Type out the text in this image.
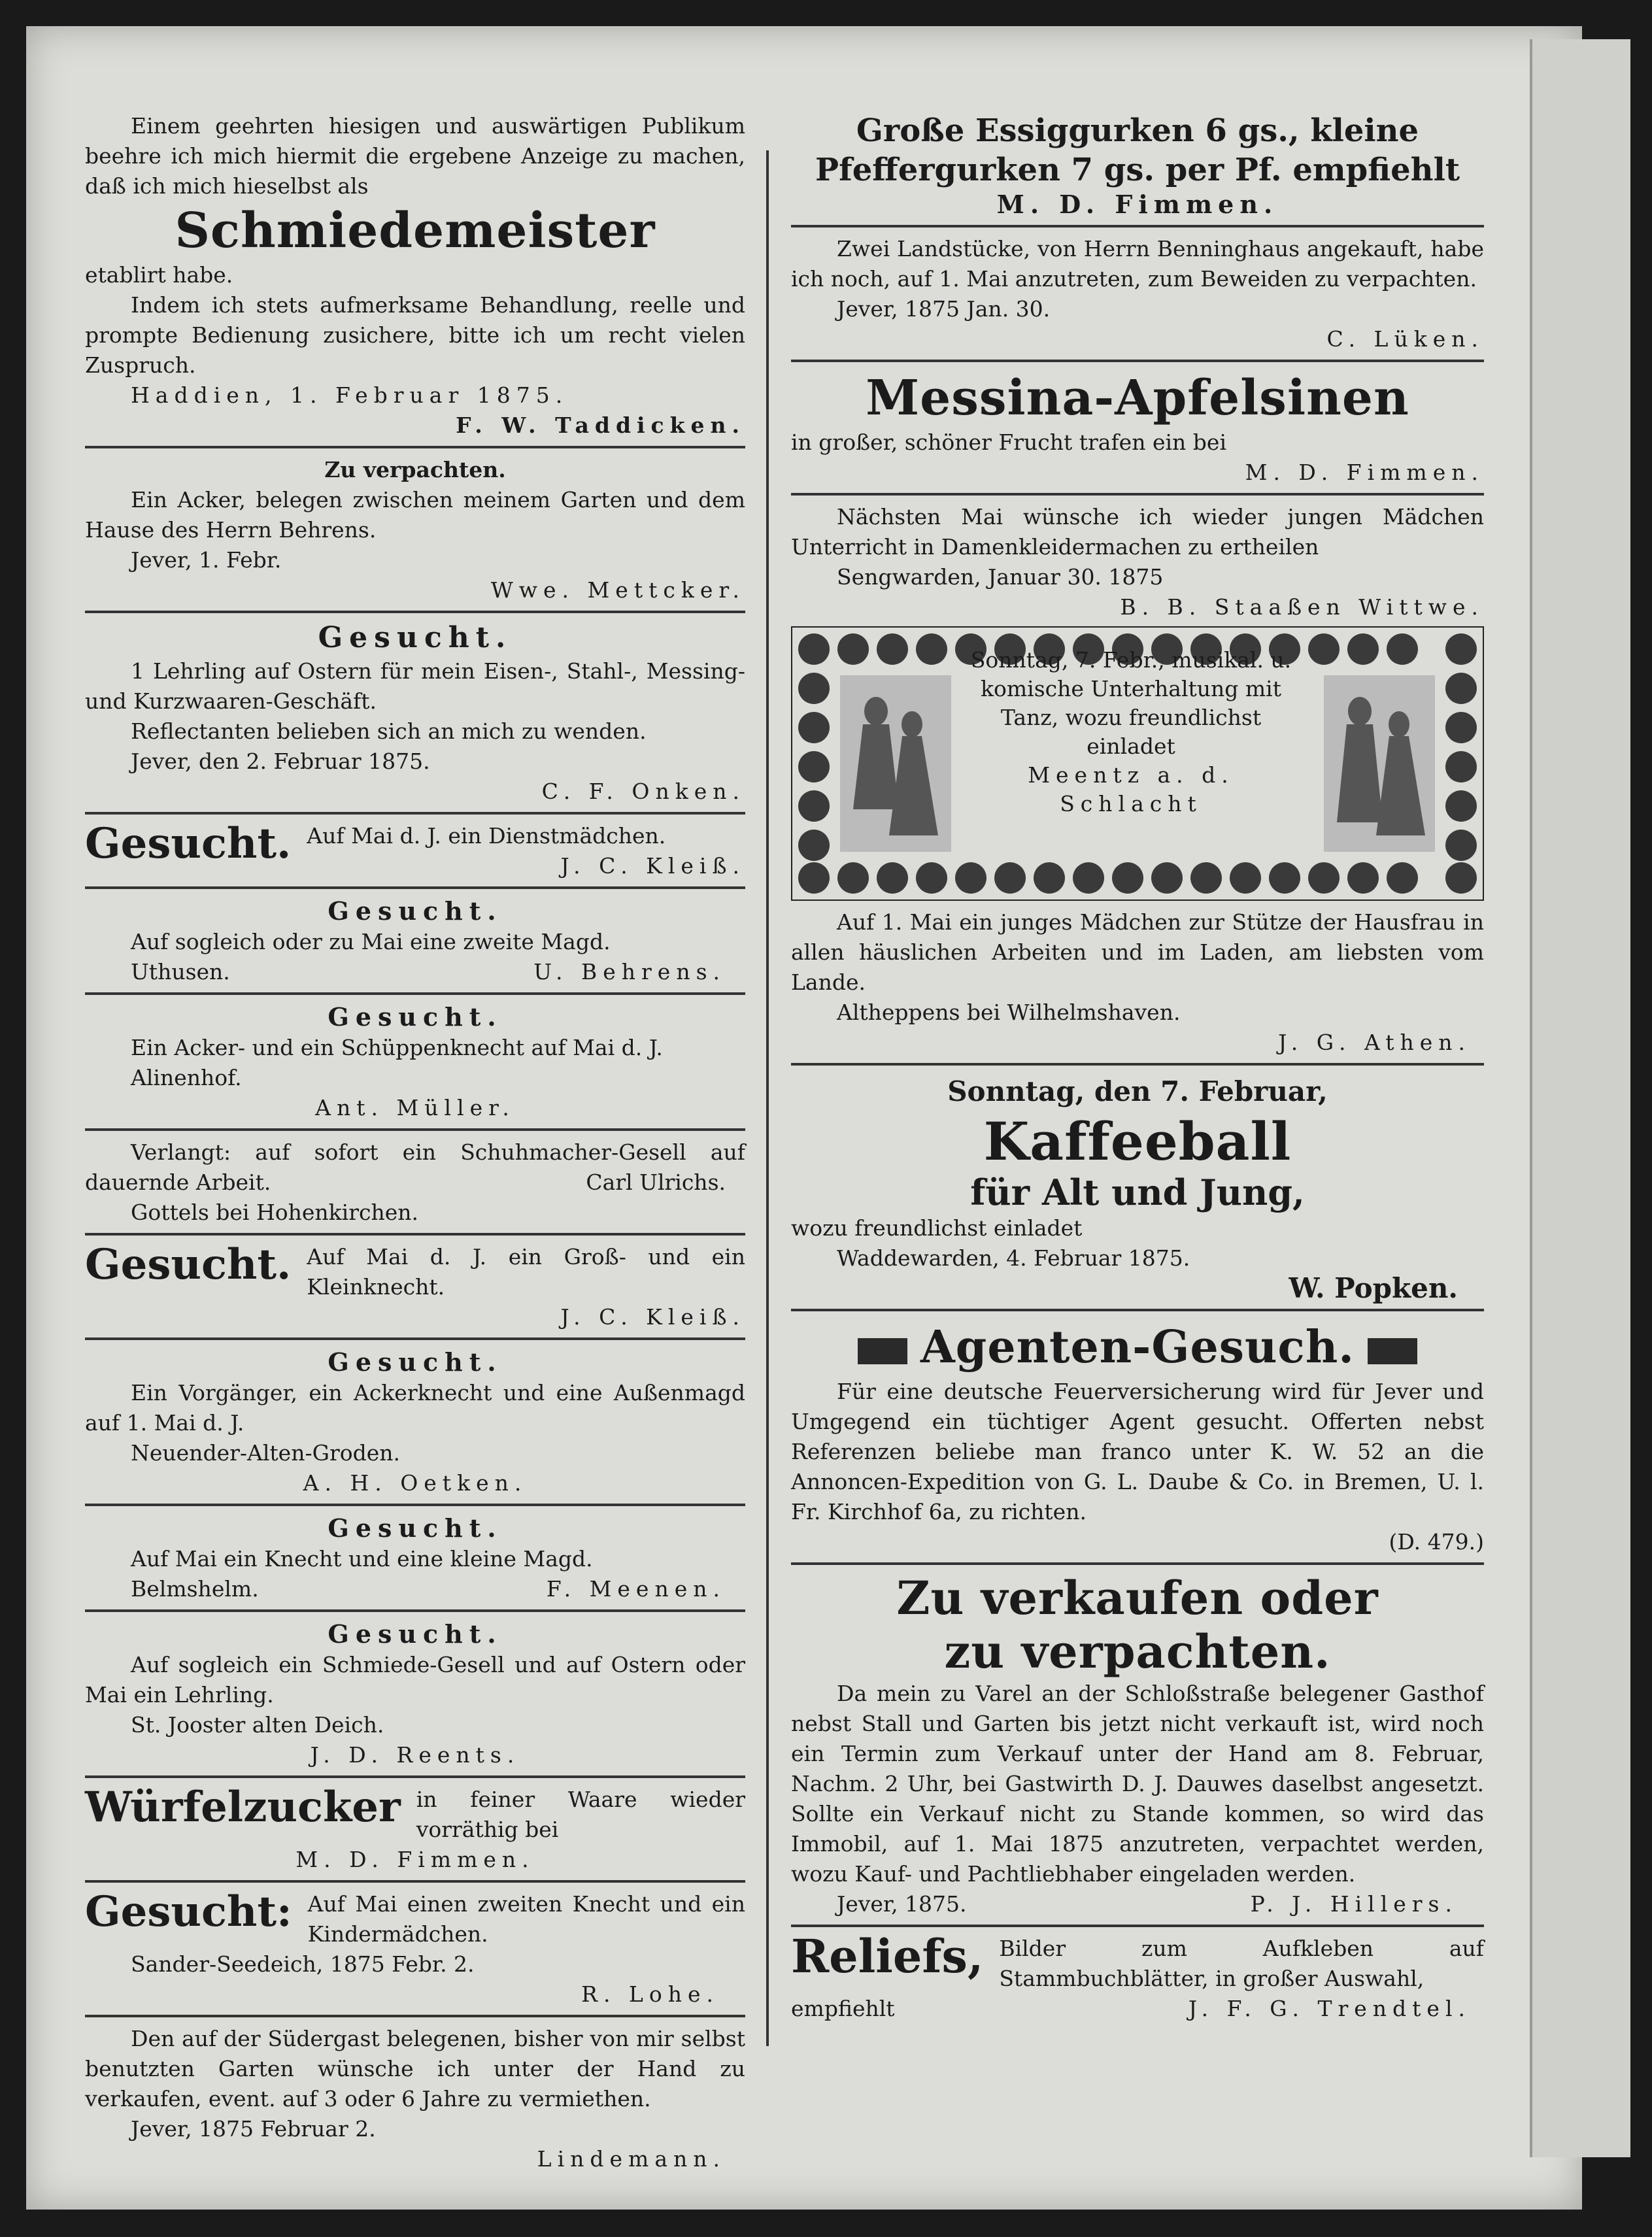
Einem geehrten hiesigen und auswärtigen Publikum beehre ich mich hiermit die ergebene Anzeige zu machen, daß ich mich hieselbst als

Schmiedemeister

etablirt habe.

Indem ich stets aufmerksame Behandlung, reelle und prompte Bedienung zusichere, bitte ich um recht vielen Zuspruch.

Haddien, 1. Februar 1875.

F. W. Taddicken.

Zu verpachten.

Ein Acker, belegen zwischen meinem Garten und dem Hause des Herrn Behrens.

Jever, 1. Febr.

Wwe. Mettcker.

Gesucht.

1 Lehrling auf Ostern für mein Eisen-, Stahl-, Messing- und Kurzwaaren-Geschäft.

Reflectanten belieben sich an mich zu wenden.

Jever, den 2. Februar 1875.

C. F. Onken.

Gesucht. Auf Mai d. J. ein Dienstmädchen.

J. C. Kleiß.

Gesucht.

Auf sogleich oder zu Mai eine zweite Magd.

Uthusen.	U. Behrens.

Gesucht.

Ein Acker- und ein Schüppenknecht auf Mai d. J.

Alinenhof.

Ant. Müller.

Verlangt: auf sofort ein Schuhmacher-Gesell auf dauernde Arbeit.	Carl Ulrichs.

Gottels bei Hohenkirchen.

Gesucht. Auf Mai d. J. ein Groß- und ein Kleinknecht.

J. C. Kleiß.

Gesucht.

Ein Vorgänger, ein Ackerknecht und eine Außenmagd auf 1. Mai d. J.

Neuender-Alten-Groden.

A. H. Oetken.

Gesucht.

Auf Mai ein Knecht und eine kleine Magd.

Belmshelm.	F. Meenen.

Gesucht.

Auf sogleich ein Schmiede-Gesell und auf Ostern oder Mai ein Lehrling.

St. Jooster alten Deich.

J. D. Reents.

Würfelzucker in feiner Waare wieder vorräthig bei

M. D. Fimmen.

Gesucht: Auf Mai einen zweiten Knecht und ein Kindermädchen.

Sander-Seedeich, 1875 Febr. 2.

R. Lohe.

Den auf der Südergast belegenen, bisher von mir selbst benutzten Garten wünsche ich unter der Hand zu verkaufen, event. auf 3 oder 6 Jahre zu vermiethen.

Jever, 1875 Februar 2.

Lindemann.

Große Essiggurken 6 gs., kleine

Pfeffergurken 7 gs. per Pf. empfiehlt

M. D. Fimmen.

Zwei Landstücke, von Herrn Benninghaus angekauft, habe ich noch, auf 1. Mai anzutreten, zum Beweiden zu verpachten.

Jever, 1875 Jan. 30.

C. Lüken.

Messina-Apfelsinen

in großer, schöner Frucht trafen ein bei

M. D. Fimmen.

Nächsten Mai wünsche ich wieder jungen Mädchen Unterricht in Damenkleidermachen zu ertheilen

Sengwarden, Januar 30. 1875

B. B. Staaßen Wittwe.

Sonntag, 7. Febr., musikal. u. komische Unterhaltung mit Tanz, wozu freundlichst einladet

Meentz a. d. Schlacht

Auf 1. Mai ein junges Mädchen zur Stütze der Hausfrau in allen häuslichen Arbeiten und im Laden, am liebsten vom Lande.

Altheppens bei Wilhelmshaven.

J. G. Athen.

Sonntag, den 7. Februar,

Kaffeeball

für Alt und Jung,

wozu freundlichst einladet

Waddewarden, 4. Februar 1875.

W. Popken.

Agenten-Gesuch.

Für eine deutsche Feuerversicherung wird für Jever und Umgegend ein tüchtiger Agent gesucht. Offerten nebst Referenzen beliebe man franco unter K. W. 52 an die Annoncen-Expedition von G. L. Daube & Co. in Bremen, U. l. Fr. Kirchhof 6a, zu richten.

(D. 479.)

Zu verkaufen oder

zu verpachten.

Da mein zu Varel an der Schloßstraße belegener Gasthof nebst Stall und Garten bis jetzt nicht verkauft ist, wird noch ein Termin zum Verkauf unter der Hand am 8. Februar, Nachm. 2 Uhr, bei Gastwirth D. J. Dauwes daselbst angesetzt. Sollte ein Verkauf nicht zu Stande kommen, so wird das Immobil, auf 1. Mai 1875 anzutreten, verpachtet werden, wozu Kauf- und Pachtliebhaber eingeladen werden.

Jever, 1875.	P. J. Hillers.

Reliefs, Bilder zum Aufkleben auf Stammbuchblätter, in großer Auswahl,

empfiehlt	J. F. G. Trendtel.
